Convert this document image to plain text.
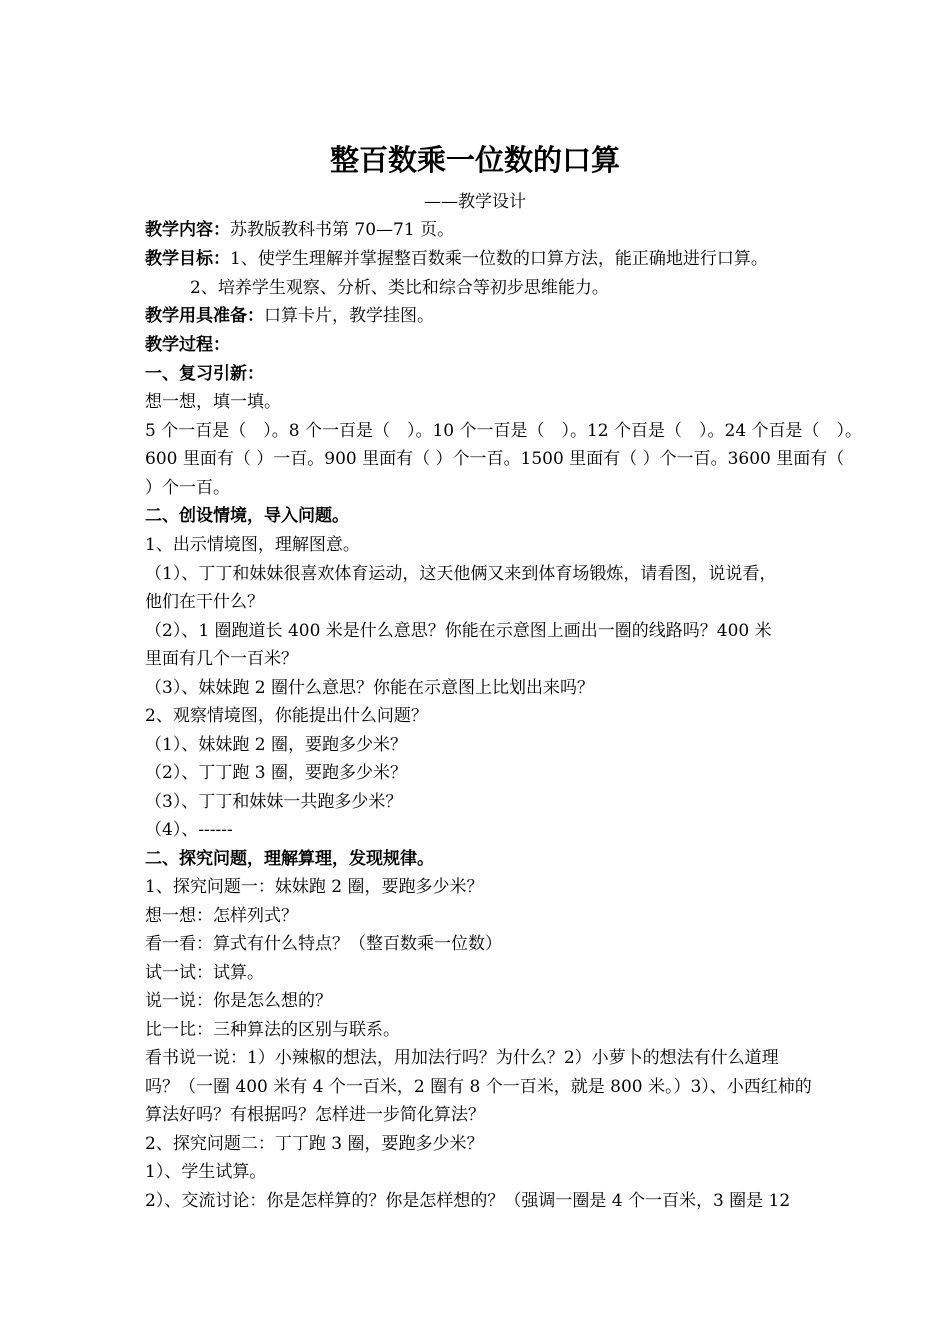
整百数乘一位数的口算
——教学设计
教学内容：苏教版教科书第 70—71 页。
教学目标：1、使学生理解并掌握整百数乘一位数的口算方法，能正确地进行口算。
2、培养学生观察、分析、类比和综合等初步思维能力。
教学用具准备：口算卡片，教学挂图。
教学过程：
一、复习引新：
想一想，填一填。
5 个一百是（　）。8 个一百是（　）。10 个一百是（　）。12 个百是（　）。24 个百是（　）。
600 里面有（ ）一百。900 里面有（ ）个一百。1500 里面有（ ）个一百。3600 里面有（
）个一百。
二、创设情境，导入问题。
1、出示情境图，理解图意。
（1）、丁丁和妹妹很喜欢体育运动，这天他俩又来到体育场锻炼，请看图，说说看，
他们在干什么？
（2）、1 圈跑道长 400 米是什么意思？你能在示意图上画出一圈的线路吗？400 米
里面有几个一百米？
（3）、妹妹跑 2 圈什么意思？你能在示意图上比划出来吗？
2、观察情境图，你能提出什么问题？
（1）、妹妹跑 2 圈，要跑多少米？
（2）、丁丁跑 3 圈，要跑多少米？
（3）、丁丁和妹妹一共跑多少米？
（4）、------
二、探究问题，理解算理，发现规律。
1、探究问题一：妹妹跑 2 圈，要跑多少米？
想一想：怎样列式？
看一看：算式有什么特点？（整百数乘一位数）
试一试：试算。
说一说：你是怎么想的？
比一比：三种算法的区别与联系。
看书说一说：1）小辣椒的想法，用加法行吗？为什么？2）小萝卜的想法有什么道理
吗？（一圈 400 米有 4 个一百米，2 圈有 8 个一百米，就是 800 米。）3）、小西红柿的
算法好吗？有根据吗？怎样进一步简化算法？
2、探究问题二：丁丁跑 3 圈，要跑多少米？
1）、学生试算。
2）、交流讨论：你是怎样算的？你是怎样想的？（强调一圈是 4 个一百米，3 圈是 12
